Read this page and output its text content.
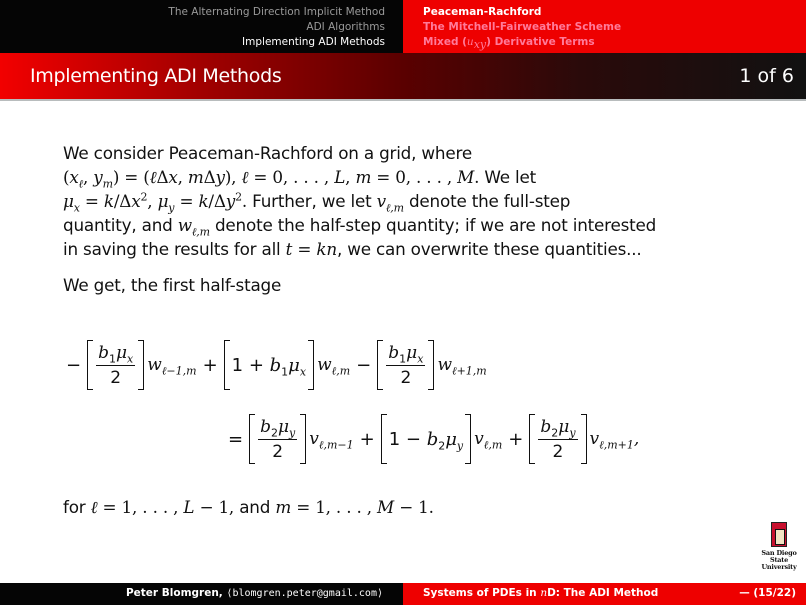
The Alternating Direction Implicit Method
ADI Algorithms
Implementing ADI Methods
Peaceman-Rachford
The Mitchell-Fairweather Scheme
Mixed $(u_{xy})$ Derivative Terms
Implementing ADI Methods	1 of 6
We consider Peaceman-Rachford on a grid, where
($x_\ell$, $y_m$) = (ℓΔx, mΔy), ℓ = 0, . . . , L, m = 0, . . . , M. We let
$\mu_x = k/\Delta x^2$, $\mu_y = k/\Delta y^2$. Further, we let $v_{\ell,m}$ denote the full-step
quantity, and $w_{\ell,m}$ denote the half-step quantity; if we are not interested
in saving the results for all t = kn, we can overwrite these quantities...
We get, the first half-stage
− $\frac{b_1\mu_x}{2} w_{\ell-1,m} + 1 + b_1\mu_x$ $w_{\ell,m} - \frac{b_1\mu_x}{2} w_{\ell+1,m}$
= $\frac{b_2\mu_y}{2} v_{\ell,m-1} + 1 - b_2\mu_y$ $v_{\ell,m} + \frac{b_2\mu_y}{2} v_{\ell,m+1}$,
for ℓ = 1, . . . , L − 1, and m = 1, . . . , M − 1.
San Diego State
University
Peter Blomgren, ⟨blomgren.peter@gmail.com⟩	Systems of PDEs in nD: The ADI Method	— (15/22)
